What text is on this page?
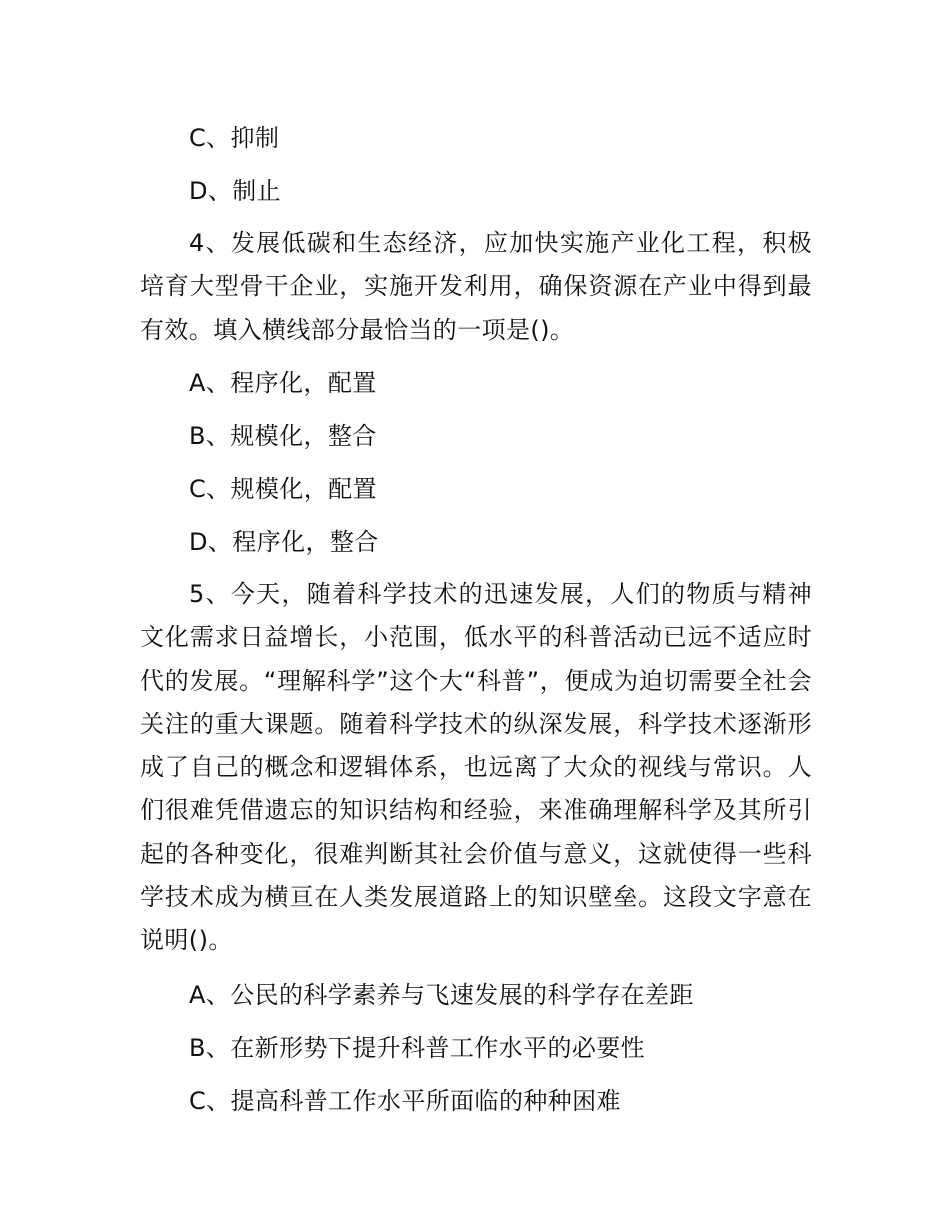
C、抑制
D、制止

4、发展低碳和生态经济，应加快实施产业化工程，积极培育大型骨干企业，实施开发利用，确保资源在产业中得到最有效。填入横线部分最恰当的一项是()。

A、程序化，配置
B、规模化，整合
C、规模化，配置
D、程序化，整合

5、今天，随着科学技术的迅速发展，人们的物质与精神文化需求日益增长，小范围，低水平的科普活动已远不适应时代的发展。“理解科学”这个大“科普”，便成为迫切需要全社会关注的重大课题。随着科学技术的纵深发展，科学技术逐渐形成了自己的概念和逻辑体系，也远离了大众的视线与常识。人们很难凭借遗忘的知识结构和经验，来准确理解科学及其所引起的各种变化，很难判断其社会价值与意义，这就使得一些科学技术成为横亘在人类发展道路上的知识壁垒。这段文字意在说明()。

A、公民的科学素养与飞速发展的科学存在差距
B、在新形势下提升科普工作水平的必要性
C、提高科普工作水平所面临的种种困难
